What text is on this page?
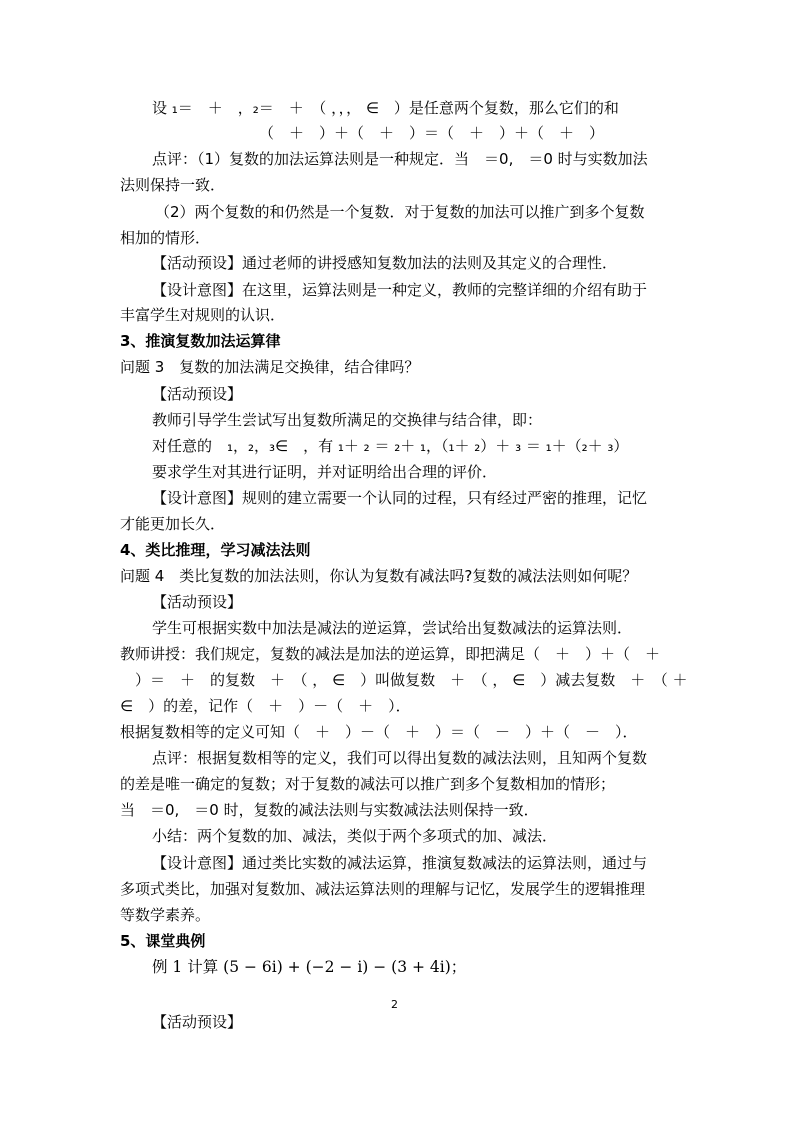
设 ₁＝　＋　，₂＝　＋　（ ，，， ∈　）是任意两个复数，那么它们的和
（　＋　）＋（　＋　）＝（　＋　）＋（　＋　）
点评：（1）复数的加法运算法则是一种规定．当　＝0,　＝0 时与实数加法
法则保持一致．
（2）两个复数的和仍然是一个复数．对于复数的加法可以推广到多个复数
相加的情形．
【活动预设】通过老师的讲授感知复数加法的法则及其定义的合理性．
【设计意图】在这里，运算法则是一种定义，教师的完整详细的介绍有助于
丰富学生对规则的认识．
3、推演复数加法运算律
问题 3　复数的加法满足交换律，结合律吗？
【活动预设】
教师引导学生尝试写出复数所满足的交换律与结合律，即：
对任意的　₁，₂，₃∈　，有 ₁＋ ₂ ＝ ₂＋ ₁，（₁＋ ₂）＋ ₃ ＝ ₁＋（₂＋ ₃）
要求学生对其进行证明，并对证明给出合理的评价．
【设计意图】规则的建立需要一个认同的过程，只有经过严密的推理，记忆
才能更加长久．
4、类比推理，学习减法法则
问题 4　类比复数的加法法则，你认为复数有减法吗?复数的减法法则如何呢？
【活动预设】
学生可根据实数中加法是减法的逆运算，尝试给出复数减法的运算法则．
教师讲授：我们规定，复数的减法是加法的逆运算，即把满足（　＋　）＋（　＋
　）＝　＋　的复数　＋　（ ， ∈　）叫做复数　＋　（ ， ∈　）减去复数　＋　（ ＋
∈　）的差，记作（　＋　）－（　＋　）．
根据复数相等的定义可知（　＋　）－（　＋　）＝（　－　）＋（　－　）．
点评：根据复数相等的定义，我们可以得出复数的减法法则，且知两个复数
的差是唯一确定的复数；对于复数的减法可以推广到多个复数相加的情形；
当　＝0,　＝0 时，复数的减法法则与实数减法法则保持一致．
小结：两个复数的加、减法，类似于两个多项式的加、减法．
【设计意图】通过类比实数的减法运算，推演复数减法的运算法则，通过与
多项式类比，加强对复数加、减法运算法则的理解与记忆，发展学生的逻辑推理
等数学素养。
5、课堂典例
例 1 计算 (5 − 6i) + (−2 − i) − (3 + 4i)；
【活动预设】
2
